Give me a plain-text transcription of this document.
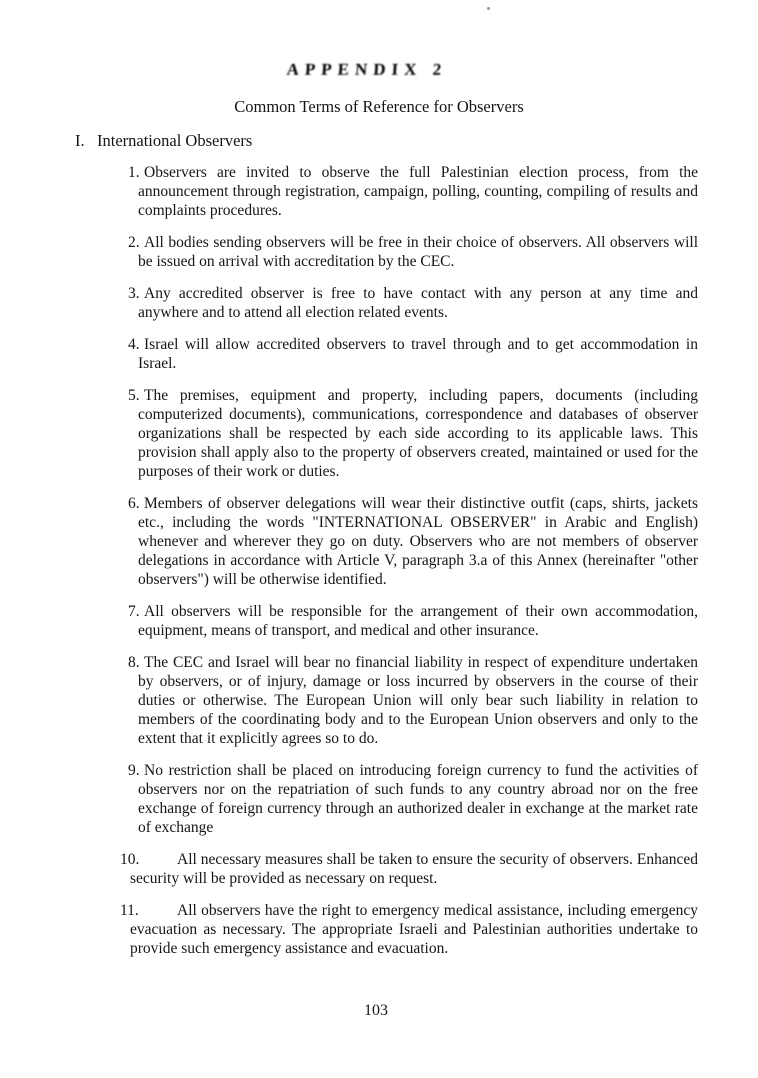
APPENDIX 2
Common Terms of Reference for Observers
I. International Observers

1. Observers are invited to observe the full Palestinian election process, from the announcement through registration, campaign, polling, counting, compiling of results and complaints procedures.

2. All bodies sending observers will be free in their choice of observers. All observers will be issued on arrival with accreditation by the CEC.

3. Any accredited observer is free to have contact with any person at any time and anywhere and to attend all election related events.

4. Israel will allow accredited observers to travel through and to get accommodation in Israel.

5. The premises, equipment and property, including papers, documents (including computerized documents), communications, correspondence and databases of observer organizations shall be respected by each side according to its applicable laws. This provision shall apply also to the property of observers created, maintained or used for the purposes of their work or duties.

6. Members of observer delegations will wear their distinctive outfit (caps, shirts, jackets etc., including the words "INTERNATIONAL OBSERVER" in Arabic and English) whenever and wherever they go on duty. Observers who are not members of observer delegations in accordance with Article V, paragraph 3.a of this Annex (hereinafter "other observers") will be otherwise identified.

7. All observers will be responsible for the arrangement of their own accommodation, equipment, means of transport, and medical and other insurance.

8. The CEC and Israel will bear no financial liability in respect of expenditure undertaken by observers, or of injury, damage or loss incurred by observers in the course of their duties or otherwise. The European Union will only bear such liability in relation to members of the coordinating body and to the European Union observers and only to the extent that it explicitly agrees so to do.

9. No restriction shall be placed on introducing foreign currency to fund the activities of observers nor on the repatriation of such funds to any country abroad nor on the free exchange of foreign currency through an authorized dealer in exchange at the market rate of exchange

10. All necessary measures shall be taken to ensure the security of observers. Enhanced security will be provided as necessary on request.

11. All observers have the right to emergency medical assistance, including emergency evacuation as necessary. The appropriate Israeli and Palestinian authorities undertake to provide such emergency assistance and evacuation.

103
